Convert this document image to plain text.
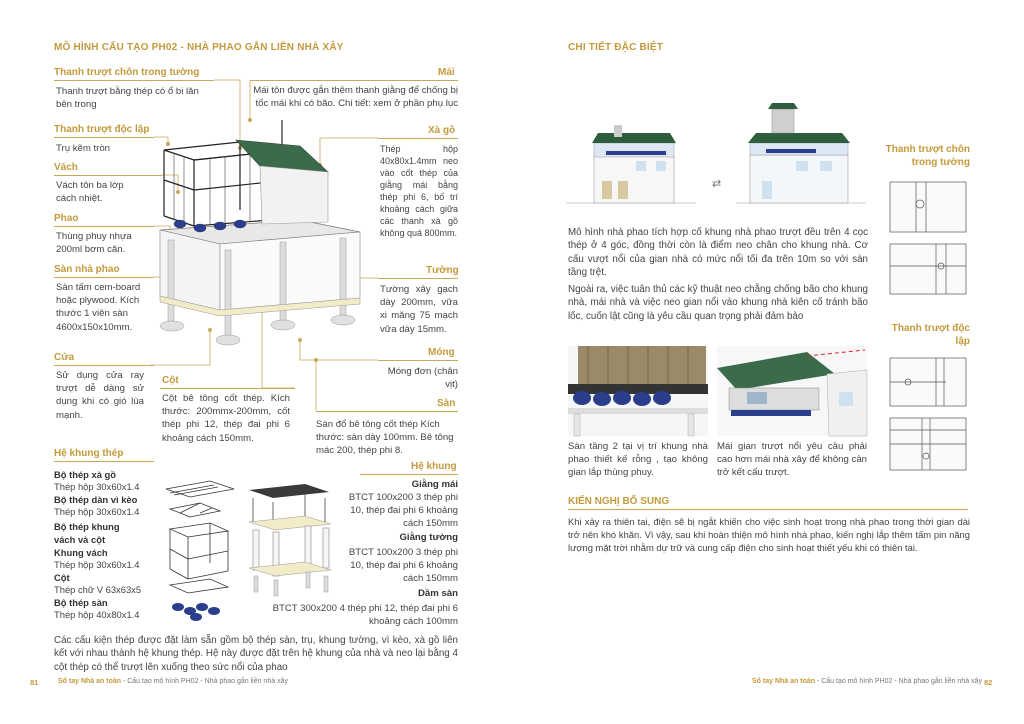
MÔ HÌNH CẤU TẠO PH02 - NHÀ PHAO GẮN LIỀN NHÀ XÂY
Thanh trượt chôn trong tường
Thanh trượt bằng thép có ổ bi lăn bên trong
Thanh trượt độc lập
Trụ kẽm tròn
Vách
Vách tôn ba lớp cách nhiệt.
Phao
Thùng phuy nhựa 200ml bơm căn.
Sàn nhà phao
Sàn tấm cem-board hoặc plywood. Kích thước 1 viên sàn 4600x150x10mm.
Cửa
Sử dụng cửa ray trượt dễ dàng sử dụng khi có gió lùa mạnh.
Cột
Cột bê tông cốt thép. Kích thước: 200mmx-200mm, cốt thép phi 12, thép đai phi 6 khoảng cách 150mm.
Mái
Mái tôn được gắn thêm thanh giằng để chống bị tốc mái khi có bão. Chi tiết: xem ở phần phụ lục
Xà gồ
Thép hộp 40x80x1.4mm neo vào cốt thép của giằng mái bằng thép phi 6, bố trí khoảng cách giữa các thanh xà gồ không quá 800mm.
Tường
Tường xây gạch dày 200mm, vữa xi măng 75 mạch vữa dày 15mm.
Móng
Móng đơn (chân vịt)
Sàn
Sàn đổ bê tông cốt thép Kích thước: sàn dày 100mm. Bê tông mác 200, thép phi 8.
Hệ khung thép
Bộ thép xà gồ
Thép hộp 30x60x1.4
Bộ thép dàn vì kèo
Thép hộp 30x60x1.4
Bộ thép khung vách và cột
Khung vách
Thép hộp 30x60x1.4
Cột
Thép chữ V 63x63x5
Bộ thép sàn
Thép hộp 40x80x1.4
Hệ khung
Giằng mái
BTCT 100x200 3 thép phi 10, thép đai phi 6 khoảng cách 150mm
Giằng tường
BTCT 100x200 3 thép phi 10, thép đai phi 6 khoảng cách 150mm
Dầm sàn
BTCT 300x200 4 thép phi 12, thép đai phi 6 khoảng cách 100mm
Các cấu kiện thép được đặt làm sẵn gồm bộ thép sàn, trụ, khung tường, vì kèo, xà gồ liên kết với nhau thành hệ khung thép. Hệ này được đặt trên hệ khung của nhà và neo lại bằng 4 cột thép có thể trượt lên xuống theo sức nổi của phao
81	Sổ tay Nhà an toàn - Cấu tạo mô hình PH02 - Nhà phao gắn liền nhà xây
CHI TIẾT ĐẶC BIỆT
⇄
Mô hình nhà phao tích hợp cố khung nhà phao trượt đều trên 4 cọc thép ở 4 góc, đồng thời còn là điểm neo chân cho khung nhà. Cơ cấu vượt nổi của gian nhà có mức nổi tối đa trên 10m so với sàn tầng trệt.
Ngoài ra, việc tuân thủ các kỹ thuật neo chằng chống bão cho khung nhà, mái nhà và việc neo gian nổi vào khung nhà kiên cố tránh bão lốc, cuốn lật cũng là yêu cầu quan trọng phải đảm bảo
Sàn tầng 2 tại vị trí khung nhà phao thiết kế rỗng , tạo không gian lắp thùng phuy.
Mái gian trượt nổi yêu cầu phải cao hơn mái nhà xây để không cản trở kết cấu trượt.
Thanh trượt chôn trong tường
Thanh trượt độc lập
KIẾN NGHỊ BỔ SUNG
Khi xảy ra thiên tai, điện sẽ bị ngắt khiến cho việc sinh hoạt trong nhà phao trong thời gian dài trở nên khó khăn. Vì vậy, sau khi hoàn thiện mô hình nhà phao, kiến nghị lắp thêm tấm pin năng lượng mặt trời nhằm dự trữ và cung cấp điện cho sinh hoạt thiết yếu khi có thiên tai.
Sổ tay Nhà an toàn - Cấu tạo mô hình PH02 - Nhà phao gắn liền nhà xây 82
